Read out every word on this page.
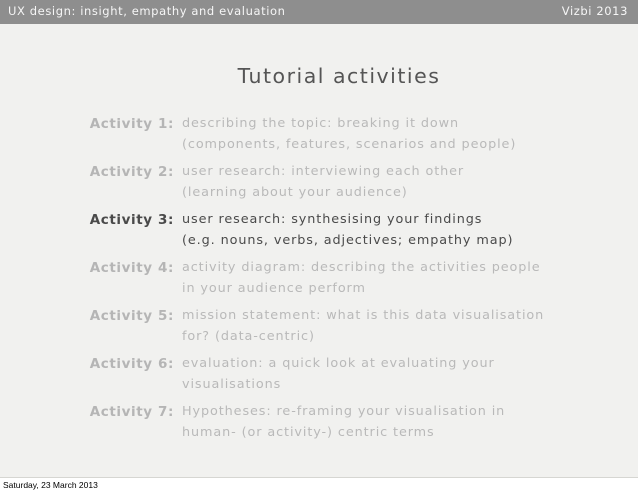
UX design: insight, empathy and evaluation	Vizbi 2013
Tutorial activities
Activity 1: describing the topic: breaking it down
(components, features, scenarios and people)
Activity 2: user research: interviewing each other
(learning about your audience)
Activity 3: user research: synthesising your findings
(e.g. nouns, verbs, adjectives; empathy map)
Activity 4: activity diagram: describing the activities people
in your audience perform
Activity 5: mission statement: what is this data visualisation
for? (data-centric)
Activity 6: evaluation: a quick look at evaluating your
visualisations
Activity 7: Hypotheses: re-framing your visualisation in
human- (or activity-) centric terms
Saturday, 23 March 2013
